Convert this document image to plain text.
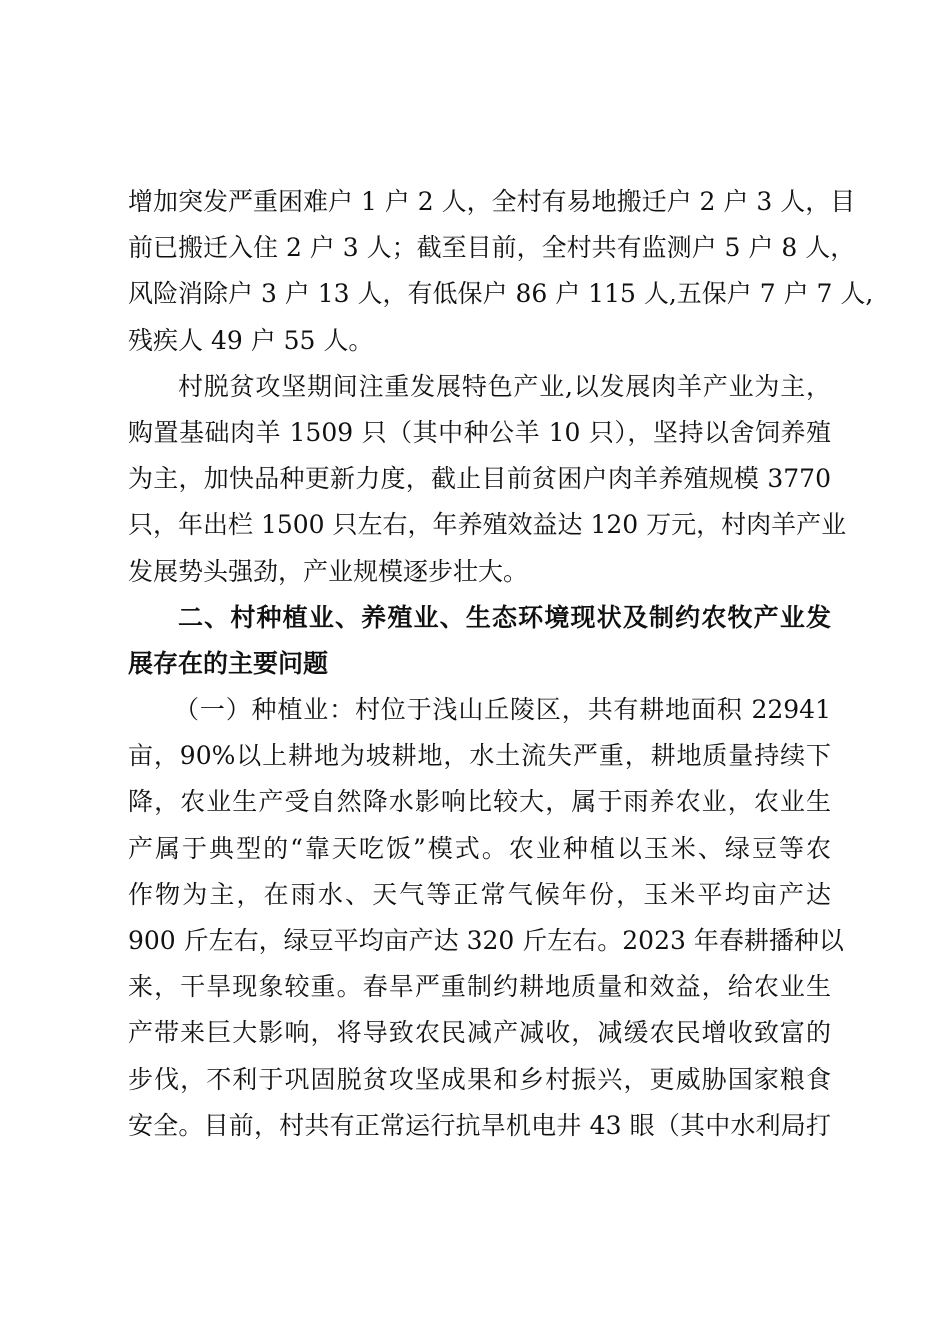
增加突发严重困难户 1 户 2 人，全村有易地搬迁户 2 户 3 人，目
前已搬迁入住 2 户 3 人；截至目前，全村共有监测户 5 户 8 人，
风险消除户 3 户 13 人，有低保户 86 户 115 人,五保户 7 户 7 人,
残疾人 49 户 55 人。
村脱贫攻坚期间注重发展特色产业,以发展肉羊产业为主，
购置基础肉羊 1509 只（其中种公羊 10 只），坚持以舍饲养殖
为主，加快品种更新力度，截止目前贫困户肉羊养殖规模 3770
只，年出栏 1500 只左右，年养殖效益达 120 万元，村肉羊产业
发展势头强劲，产业规模逐步壮大。
二、村种植业、养殖业、生态环境现状及制约农牧产业发
展存在的主要问题
（一）种植业：村位于浅山丘陵区，共有耕地面积 22941
亩，90%以上耕地为坡耕地，水土流失严重，耕地质量持续下
降，农业生产受自然降水影响比较大，属于雨养农业，农业生
产属于典型的“靠天吃饭”模式。农业种植以玉米、绿豆等农
作物为主，在雨水、天气等正常气候年份，玉米平均亩产达
900 斤左右，绿豆平均亩产达 320 斤左右。2023 年春耕播种以
来，干旱现象较重。春旱严重制约耕地质量和效益，给农业生
产带来巨大影响，将导致农民减产减收，减缓农民增收致富的
步伐，不利于巩固脱贫攻坚成果和乡村振兴，更威胁国家粮食
安全。目前，村共有正常运行抗旱机电井 43 眼（其中水利局打
